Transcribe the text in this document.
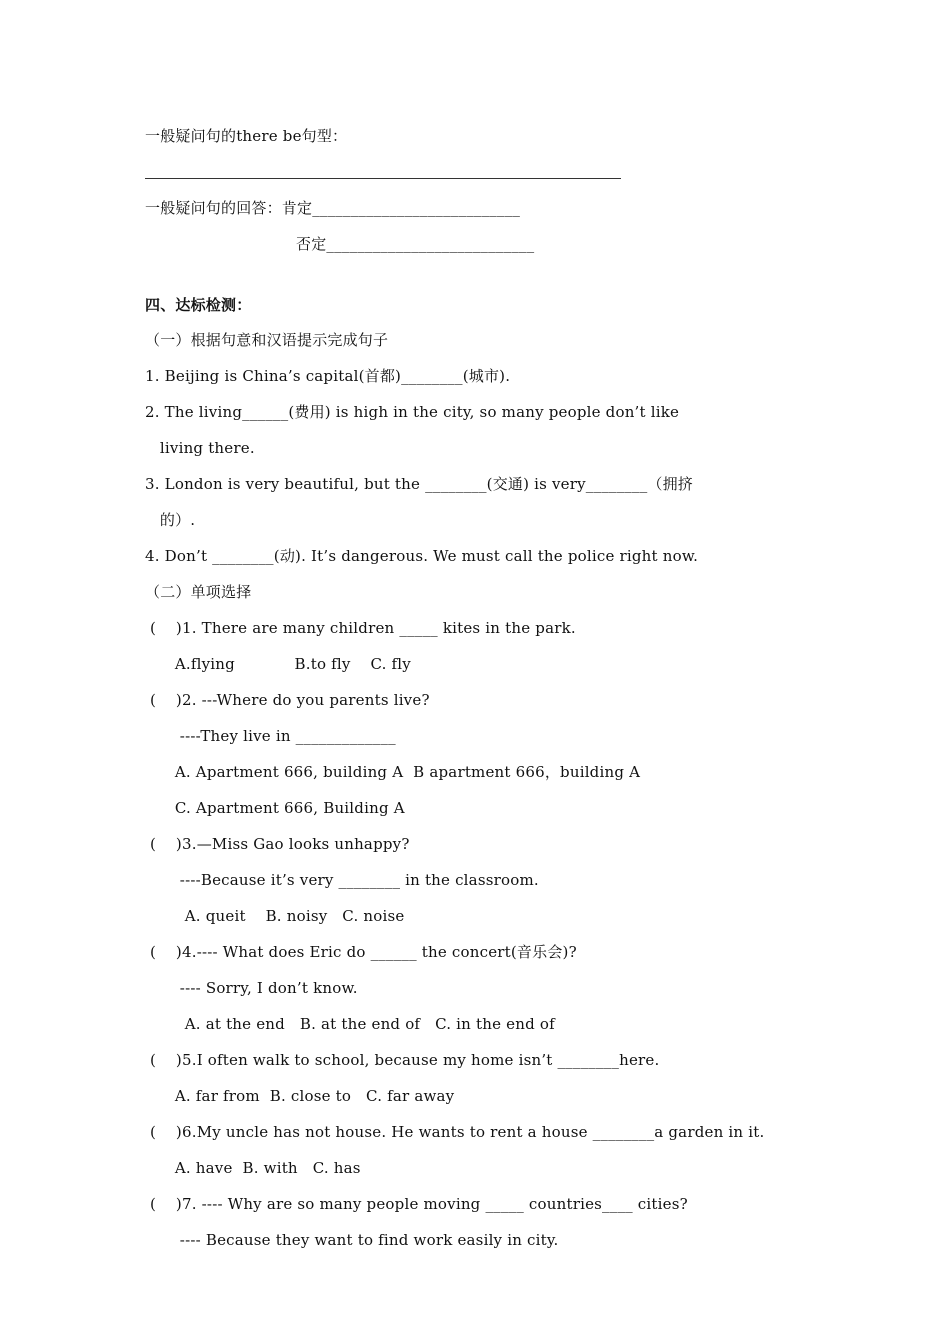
一般疑问句的there be句型：
一般疑问句的回答：肯定___________________________
否定___________________________
四、达标检测：
（一）根据句意和汉语提示完成句子
1. Beijing is China’s capital(首都)________(城市).
2. The living______(费用) is high in the city, so many people don’t like
living there.
3. London is very beautiful, but the ________(交通) is very________（拥挤
的）.
4. Don’t ________(动). It’s dangerous. We must call the police right now.
（二）单项选择
(    )1. There are many children _____ kites in the park.
A.flying            B.to fly    C. fly
(    )2. ---Where do you parents live?
----They live in _____________
A. Apartment 666, building A  B apartment 666，building A
C. Apartment 666, Building A
(    )3.—Miss Gao looks unhappy?
----Because it’s very ________ in the classroom.
A. queit    B. noisy   C. noise
(    )4.---- What does Eric do ______ the concert(音乐会)?
---- Sorry, I don’t know.
A. at the end   B. at the end of   C. in the end of
(    )5.I often walk to school, because my home isn’t ________here.
A. far from  B. close to   C. far away
(    )6.My uncle has not house. He wants to rent a house ________a garden in it.
A. have  B. with   C. has
(    )7. ---- Why are so many people moving _____ countries____ cities?
---- Because they want to find work easily in city.
